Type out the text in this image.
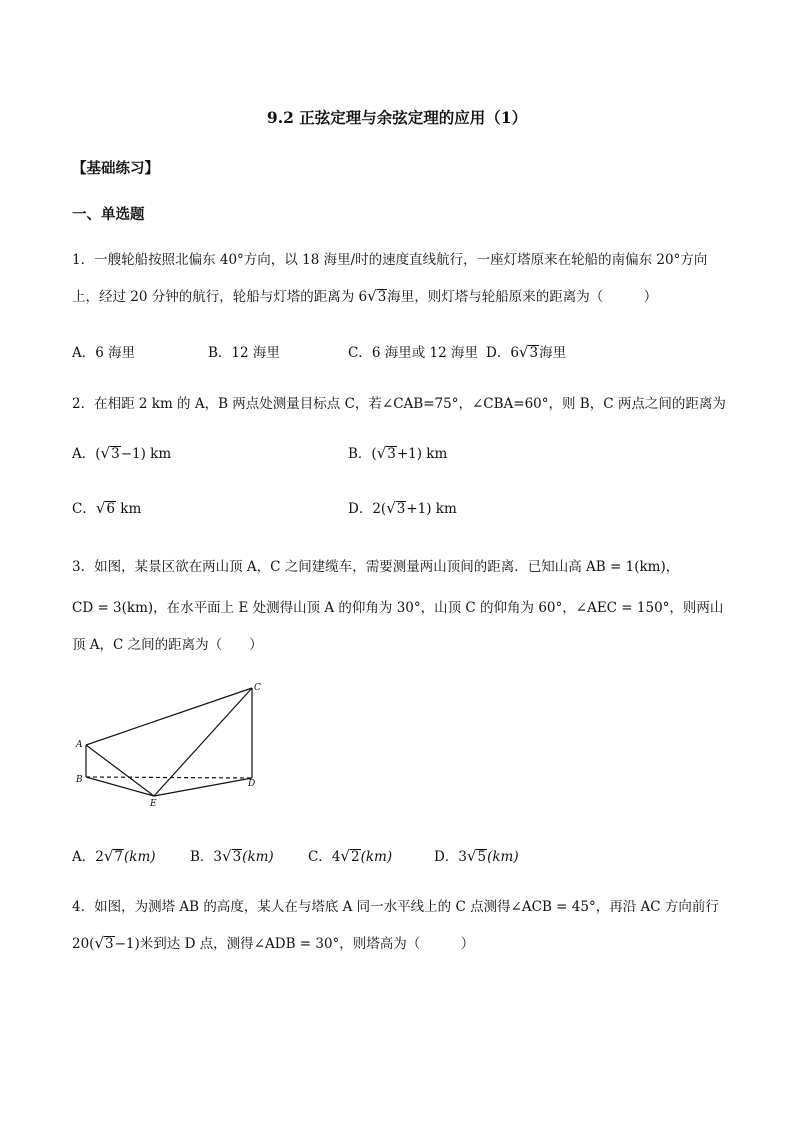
9.2 正弦定理与余弦定理的应用（1）
【基础练习】
一、单选题
1．一艘轮船按照北偏东 40°方向，以 18 海里/时的速度直线航行，一座灯塔原来在轮船的南偏东 20°方向
上，经过 20 分钟的航行，轮船与灯塔的距离为 6√3海里，则灯塔与轮船原来的距离为（　　　）
A．6 海里	B．12 海里	C．6 海里或 12 海里 D．6√3海里
2．在相距 2 km 的 A，B 两点处测量目标点 C，若∠CAB=75°，∠CBA=60°，则 B，C 两点之间的距离为
A．(√3−1) km	B．(√3+1) km
C．√6 km	D．2(√3+1) km
3．如图，某景区欲在两山顶 A，C 之间建缆车，需要测量两山顶间的距离．已知山高 AB = 1(km)，
CD = 3(km)，在水平面上 E 处测得山顶 A 的仰角为 30°，山顶 C 的仰角为 60°，∠AEC = 150°，则两山
顶 A，C 之间的距离为（　　）
A
B
C
D
E
A．2√7(km)	B．3√3(km)	C．4√2(km)	D．3√5(km)
4．如图，为测塔 AB 的高度，某人在与塔底 A 同一水平线上的 C 点测得∠ACB = 45°，再沿 AC 方向前行
20(√3−1)米到达 D 点，测得∠ADB = 30°，则塔高为（　　　）
